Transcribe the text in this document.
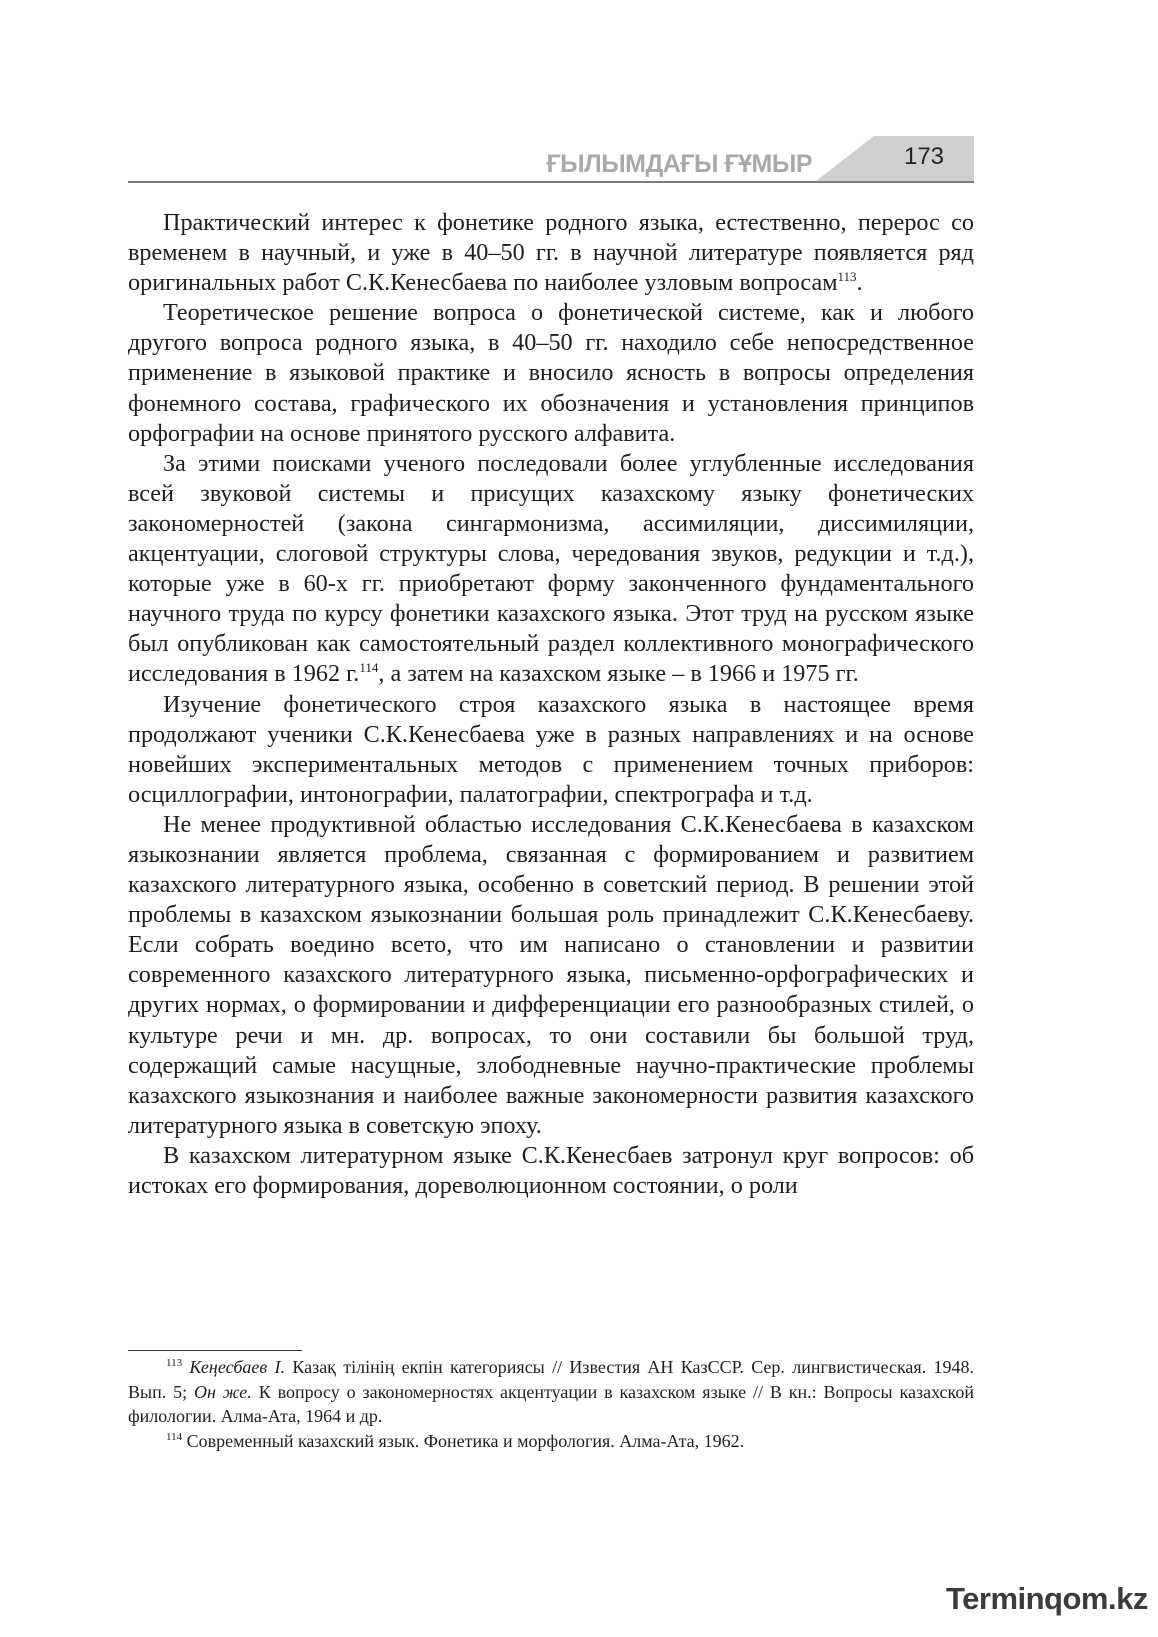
ҒЫЛЫМДАҒЫ ҒҰМЫР	173

Практический интерес к фонетике родного языка, естественно, перерос со временем в научный, и уже в 40–50 гг. в научной литературе появляется ряд оригинальных работ С.К.Кенесбаева по наиболее узловым вопросам$^{113}$.

Теоретическое решение вопроса о фонетической системе, как и любого другого вопроса родного языка, в 40–50 гг. находило себе непосредственное применение в языковой практике и вносило ясность в вопросы определения фонемного состава, графического их обозначения и установления принципов орфографии на основе принятого русского алфавита.

За этими поисками ученого последовали более углубленные исследования всей звуковой системы и присущих казахскому языку фонетических закономерностей (закона сингармонизма, ассимиляции, диссимиляции, акцентуации, слоговой структуры слова, чередования звуков, редукции и т.д.), которые уже в 60-х гг. приобретают форму законченного фундаментального научного труда по курсу фонетики казахского языка. Этот труд на русском языке был опубликован как самостоятельный раздел коллективного монографического исследования в 1962 г.$^{114}$, а затем на казахском языке – в 1966 и 1975 гг.

Изучение фонетического строя казахского языка в настоящее время продолжают ученики С.К.Кенесбаева уже в разных направлениях и на основе новейших экспериментальных методов с применением точных приборов: осциллографии, интонографии, палатографии, спектрографа и т.д.

Не менее продуктивной областью исследования С.К.Кенесбаева в казахском языкознании является проблема, связанная с формированием и развитием казахского литературного языка, особенно в советский период. В решении этой проблемы в казахском языкознании большая роль принадлежит С.К.Кенесбаеву. Если собрать воедино всето, что им написано о становлении и развитии современного казахского литературного языка, письменно-орфографических и других нормах, о формировании и дифференциации его разнообразных стилей, о культуре речи и мн. др. вопросах, то они составили бы большой труд, содержащий самые насущные, злободневные научно-практические проблемы казахского языкознания и наиболее важные закономерности развития казахского литературного языка в советскую эпоху.

В казахском литературном языке С.К.Кенесбаев затронул круг вопросов: об истоках его формирования, дореволюционном состоянии, о роли

$^{113}$ Кеңесбаев І. Казақ тілінің екпін категориясы // Известия АН КазССР. Сер. лингвистическая. 1948. Вып. 5; Он же. К вопросу о закономерностях акцентуации в казахском языке // В кн.: Вопросы казахской филологии. Алма-Ата, 1964 и др.

$^{114}$ Современный казахский язык. Фонетика и морфология. Алма-Ата, 1962.

Terminqom.kz
